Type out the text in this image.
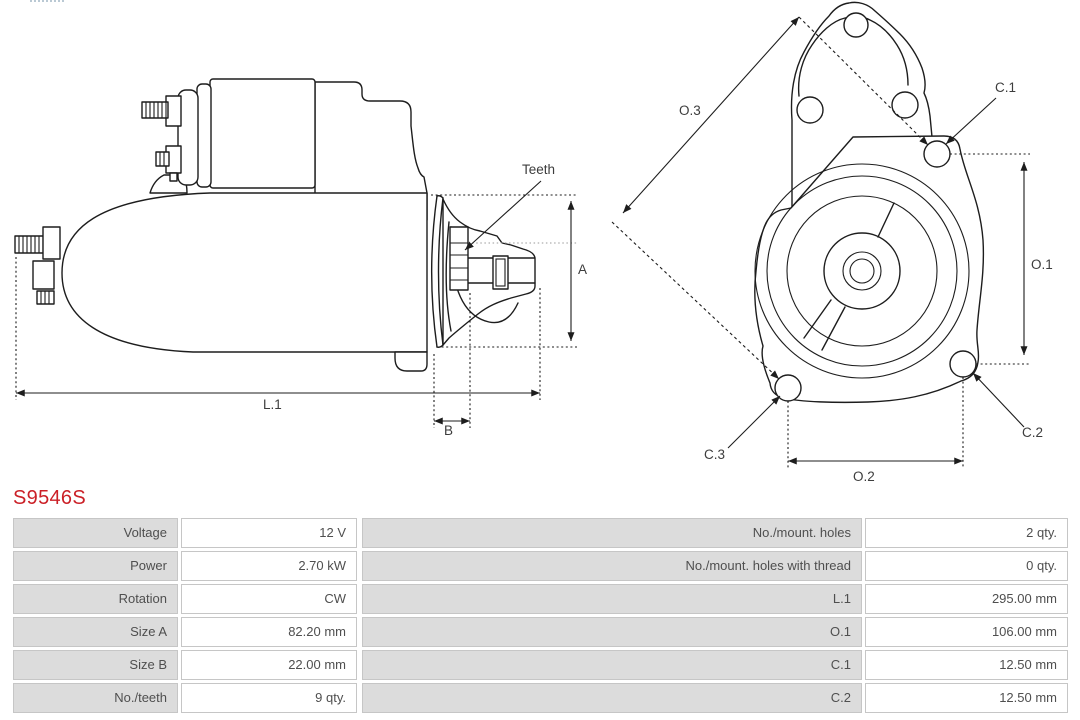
A
L.1
B
Teeth
O.3
C.1
O.1
C.2
C.3
O.2
S9546S
Voltage	12 V
Power	2.70 kW
Rotation	CW
Size A	82.20 mm
Size B	22.00 mm
No./teeth	9 qty.
No./mount. holes	2 qty.
No./mount. holes with thread	0 qty.
L.1	295.00 mm
O.1	106.00 mm
C.1	12.50 mm
C.2	12.50 mm
